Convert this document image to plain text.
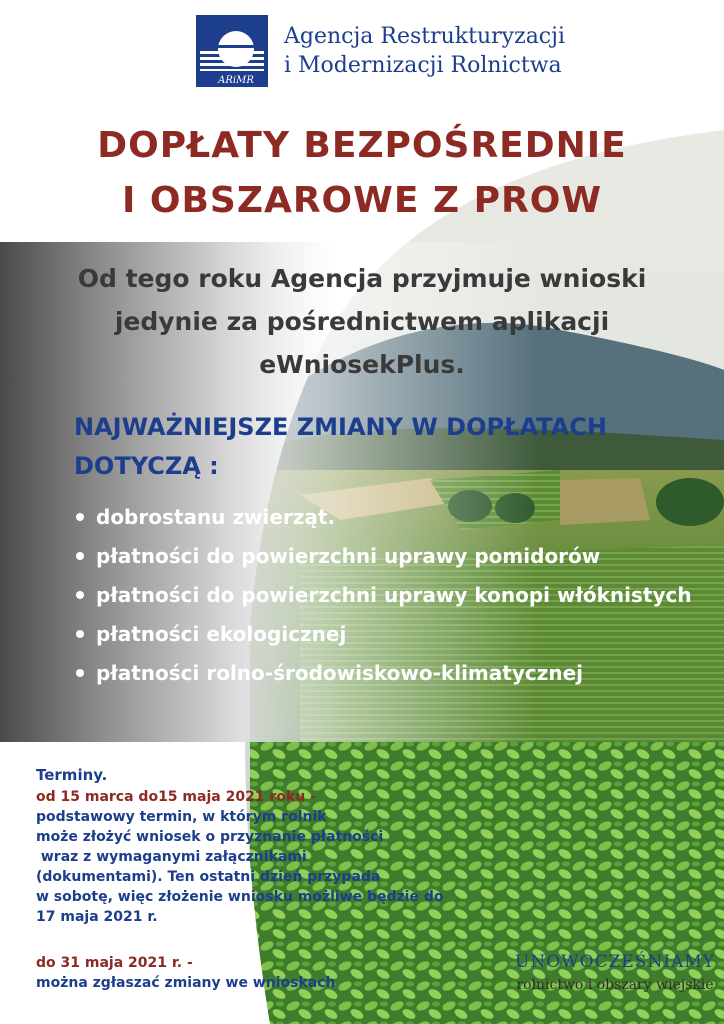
ARiMR
Agencja Restrukturyzacji
i Modernizacji Rolnictwa
DOPŁATY BEZPOŚREDNIE
I OBSZAROWE Z PROW
Od tego roku Agencja przyjmuje wnioski
jedynie za pośrednictwem aplikacji
eWniosekPlus.
NAJWAŻNIEJSZE ZMIANY W DOPŁATACH
DOTYCZĄ :
dobrostanu zwierząt.
płatności do powierzchni uprawy pomidorów
płatności do powierzchni uprawy konopi włóknistych
płatności ekologicznej
płatności rolno-środowiskowo-klimatycznej
Terminy.
od 15 marca do15 maja 2021 roku -
podstawowy termin, w którym rolnik
może złożyć wniosek o przyznanie płatności
wraz z wymaganymi załącznikami
(dokumentami). Ten ostatni dzień przypada
w sobotę, więc złożenie wniosku możliwe będzie do
17 maja 2021 r.
do 31 maja 2021 r. -
można zgłaszać zmiany we wnioskach
UNOWOCZEŚNIAMY
rolnictwo i obszary wiejskie
